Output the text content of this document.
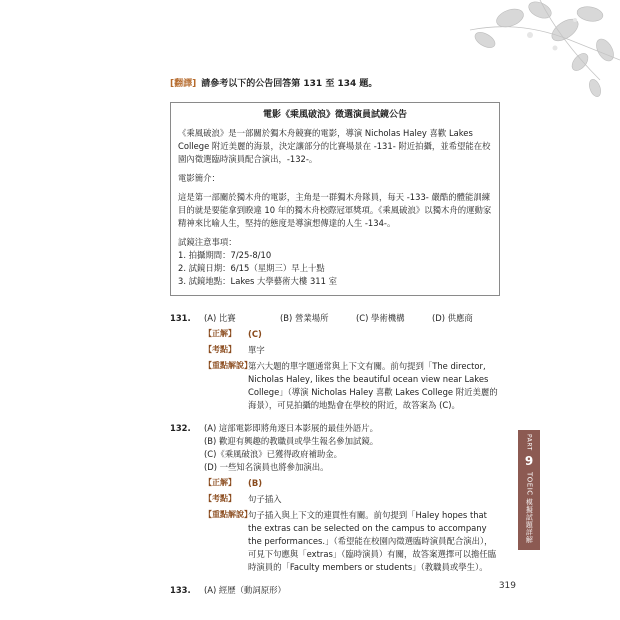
[翻譯] 請參考以下的公告回答第 131 至 134 題。
電影《乘風破浪》徵選演員試鏡公告

《乘風破浪》是一部關於獨木舟競賽的電影，導演 Nicholas Haley 喜歡 Lakes College 附近美麗的海景，決定讓部分的比賽場景在 -131- 附近拍攝，並希望能在校園內徵選臨時演員配合演出，-132-。

電影簡介：

這是第一部關於獨木舟的電影，主角是一群獨木舟隊員，每天 -133- 嚴酷的體能訓練目的就是要能拿到睽違 10 年的獨木舟校際冠軍獎項。《乘風破浪》以獨木舟的運動家精神來比喻人生，堅持的態度是導演想傳達的人生 -134-。

試鏡注意事項：
1. 拍攝期間：7/25-8/10
2. 試鏡日期：6/15（星期三）早上十點
3. 試鏡地點：Lakes 大學藝術大樓 311 室
131.	(A) 比賽	(B) 營業場所	(C) 學術機構	(D) 供應商
【正解】	(C)
【考點】	單字
【重點解說】
第六大題的單字題通常與上下文有關。前句提到「The director, Nicholas Haley, likes the beautiful ocean view near Lakes College」（導演 Nicholas Haley 喜歡 Lakes College 附近美麗的海景），可見拍攝的地點會在學校的附近，故答案為 (C)。
132.	(A) 這部電影即將角逐日本影展的最佳外語片。
(B) 歡迎有興趣的教職員或學生報名參加試鏡。
(C)《乘風破浪》已獲得政府補助金。
(D) 一些知名演員也將參加演出。
【正解】	(B)
【考點】	句子插入
【重點解說】
句子插入與上下文的連貫性有關。前句提到「Haley hopes that the extras can be selected on the campus to accompany the performances.」（希望能在校園內徵選臨時演員配合演出），可見下句應與「extras」（臨時演員）有關，故答案選擇可以擔任臨時演員的「Faculty members or students」（教職員或學生）。
133.	(A) 經歷（動詞原形）
PART
9
TOEIC 模擬試題詳解
319
